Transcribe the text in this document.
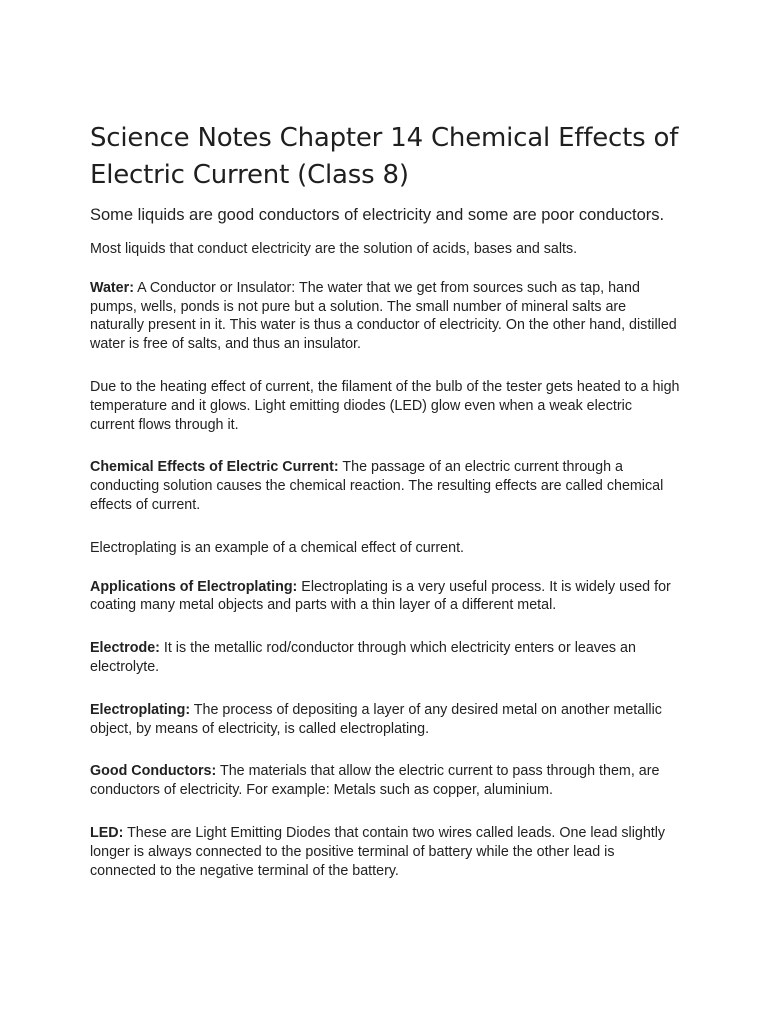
Science Notes Chapter 14 Chemical Effects of Electric Current (Class 8)

Some liquids are good conductors of electricity and some are poor conductors.

Most liquids that conduct electricity are the solution of acids, bases and salts.

Water: A Conductor or Insulator: The water that we get from sources such as tap, hand pumps, wells, ponds is not pure but a solution. The small number of mineral salts are naturally present in it. This water is thus a conductor of electricity. On the other hand, distilled water is free of salts, and thus an insulator.

Due to the heating effect of current, the filament of the bulb of the tester gets heated to a high temperature and it glows. Light emitting diodes (LED) glow even when a weak electric current flows through it.

Chemical Effects of Electric Current: The passage of an electric current through a conducting solution causes the chemical reaction. The resulting effects are called chemical effects of current.

Electroplating is an example of a chemical effect of current.

Applications of Electroplating: Electroplating is a very useful process. It is widely used for coating many metal objects and parts with a thin layer of a different metal.

Electrode: It is the metallic rod/conductor through which electricity enters or leaves an electrolyte.

Electroplating: The process of depositing a layer of any desired metal on another metallic object, by means of electricity, is called electroplating.

Good Conductors: The materials that allow the electric current to pass through them, are conductors of electricity. For example: Metals such as copper, aluminium.

LED: These are Light Emitting Diodes that contain two wires called leads. One lead slightly longer is always connected to the positive terminal of battery while the other lead is connected to the negative terminal of the battery.
